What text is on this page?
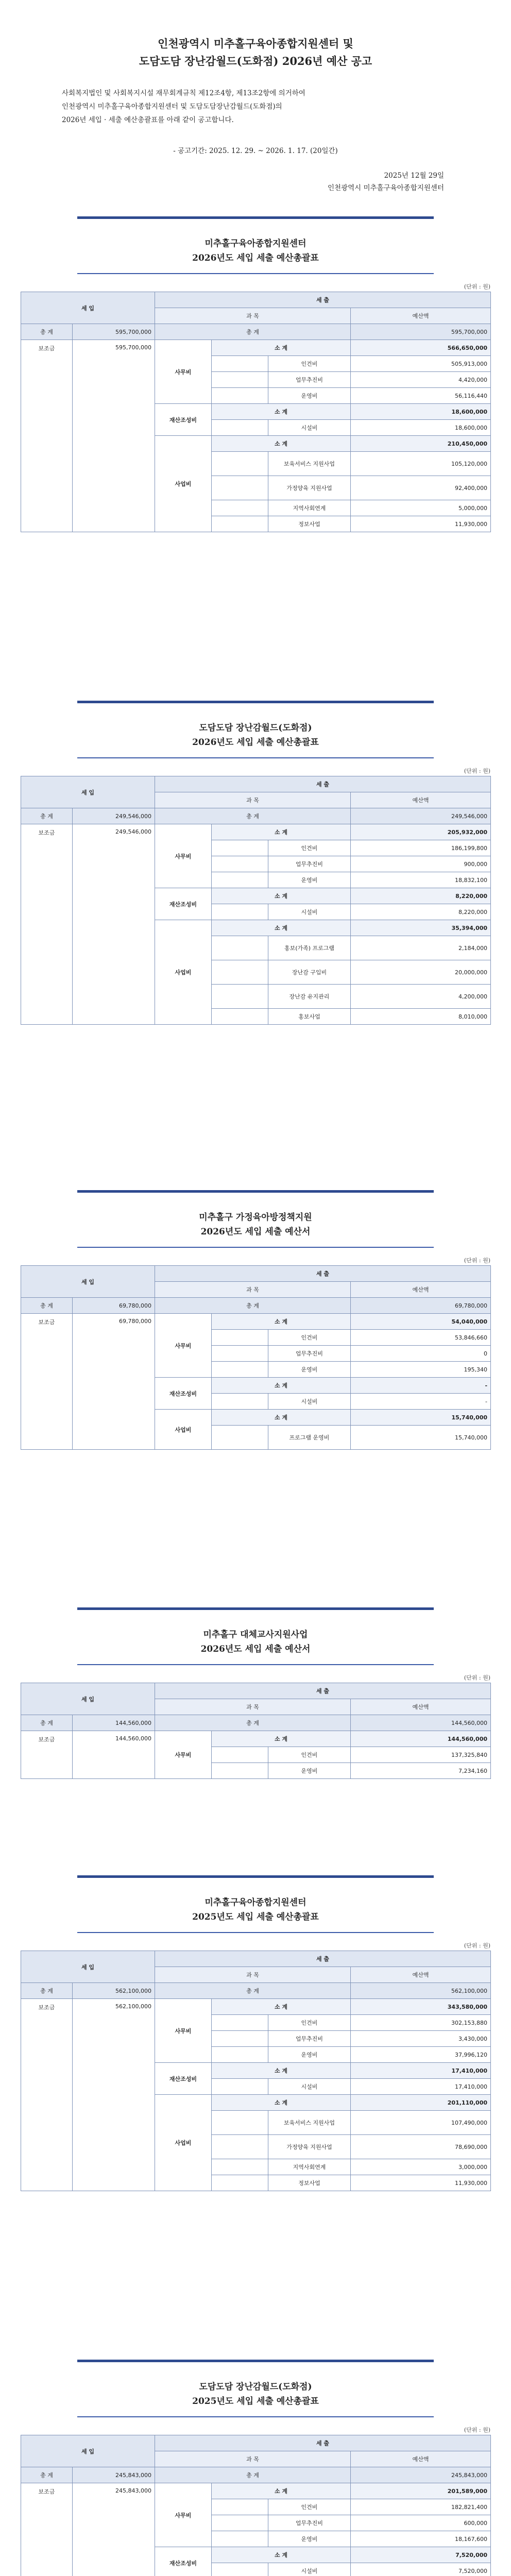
인천광역시 미추홀구육아종합지원센터 및
도담도담 장난감월드(도화점) 2026년 예산 공고
사회복지법인 및 사회복지시설 재무회계규칙 제12조4항, 제13조2항에 의거하여
인천광역시 미추홀구육아종합지원센터 및 도담도담장난감월드(도화점)의
2026년 세입 · 세출 예산총괄표를 아래 같이 공고합니다.
- 공고기간: 2025. 12. 29. ~ 2026. 1. 17. (20일간)
2025년 12월 29일
인천광역시 미추홀구육아종합지원센터
미추홀구육아종합지원센터
2026년도 세입 세출 예산총괄표
(단위 : 원)
세 입		세 출			
		과 목			예산액
총 계	595,700,000	총 계			595,700,000
보조금	595,700,000	사무비	소 계		566,650,000
				인건비	505,913,000
				업무추진비	4,420,000
				운영비	56,116,440
		재산조성비	소 계		18,600,000
				시설비	18,600,000
		사업비	소 계		210,450,000
				보육서비스 지원사업	105,120,000
				가정양육 지원사업	92,400,000
				지역사회연계	5,000,000
				정보사업	11,930,000
도담도담 장난감월드(도화점)
2026년도 세입 세출 예산총괄표
(단위 : 원)
세 입		세 출			
		과 목			예산액
총 계	249,546,000	총 계			249,546,000
보조금	249,546,000	사무비	소 계		205,932,000
				인건비	186,199,800
				업무추진비	900,000
				운영비	18,832,100
		재산조성비	소 계		8,220,000
				시설비	8,220,000
		사업비	소 계		35,394,000
				홍보(가족) 프로그램	2,184,000
				장난감 구입비	20,000,000
				장난감 유지관리	4,200,000
				홍보사업	8,010,000
미추홀구 가정육아방정책지원
2026년도 세입 세출 예산서
(단위 : 원)
세 입		세 출			
		과 목			예산액
총 계	69,780,000	총 계			69,780,000
보조금	69,780,000	사무비	소 계		54,040,000
				인건비	53,846,660
				업무추진비	0
				운영비	195,340
		재산조성비	소 계		-
				시설비	-
		사업비	소 계		15,740,000
				프로그램 운영비	15,740,000
미추홀구 대체교사지원사업
2026년도 세입 세출 예산서
(단위 : 원)
세 입		세 출			
		과 목			예산액
총 계	144,560,000	총 계			144,560,000
보조금	144,560,000	사무비	소 계		144,560,000
				인건비	137,325,840
				운영비	7,234,160
미추홀구육아종합지원센터
2025년도 세입 세출 예산총괄표
(단위 : 원)
세 입		세 출			
		과 목			예산액
총 계	562,100,000	총 계			562,100,000
보조금	562,100,000	사무비	소 계		343,580,000
				인건비	302,153,880
				업무추진비	3,430,000
				운영비	37,996,120
		재산조성비	소 계		17,410,000
				시설비	17,410,000
		사업비	소 계		201,110,000
				보육서비스 지원사업	107,490,000
				가정양육 지원사업	78,690,000
				지역사회연계	3,000,000
				정보사업	11,930,000
도담도담 장난감월드(도화점)
2025년도 세입 세출 예산총괄표
(단위 : 원)
세 입		세 출			
		과 목			예산액
총 계	245,843,000	총 계			245,843,000
보조금	245,843,000	사무비	소 계		201,589,000
				인건비	182,821,400
				업무추진비	600,000
				운영비	18,167,600
		재산조성비	소 계		7,520,000
				시설비	7,520,000
